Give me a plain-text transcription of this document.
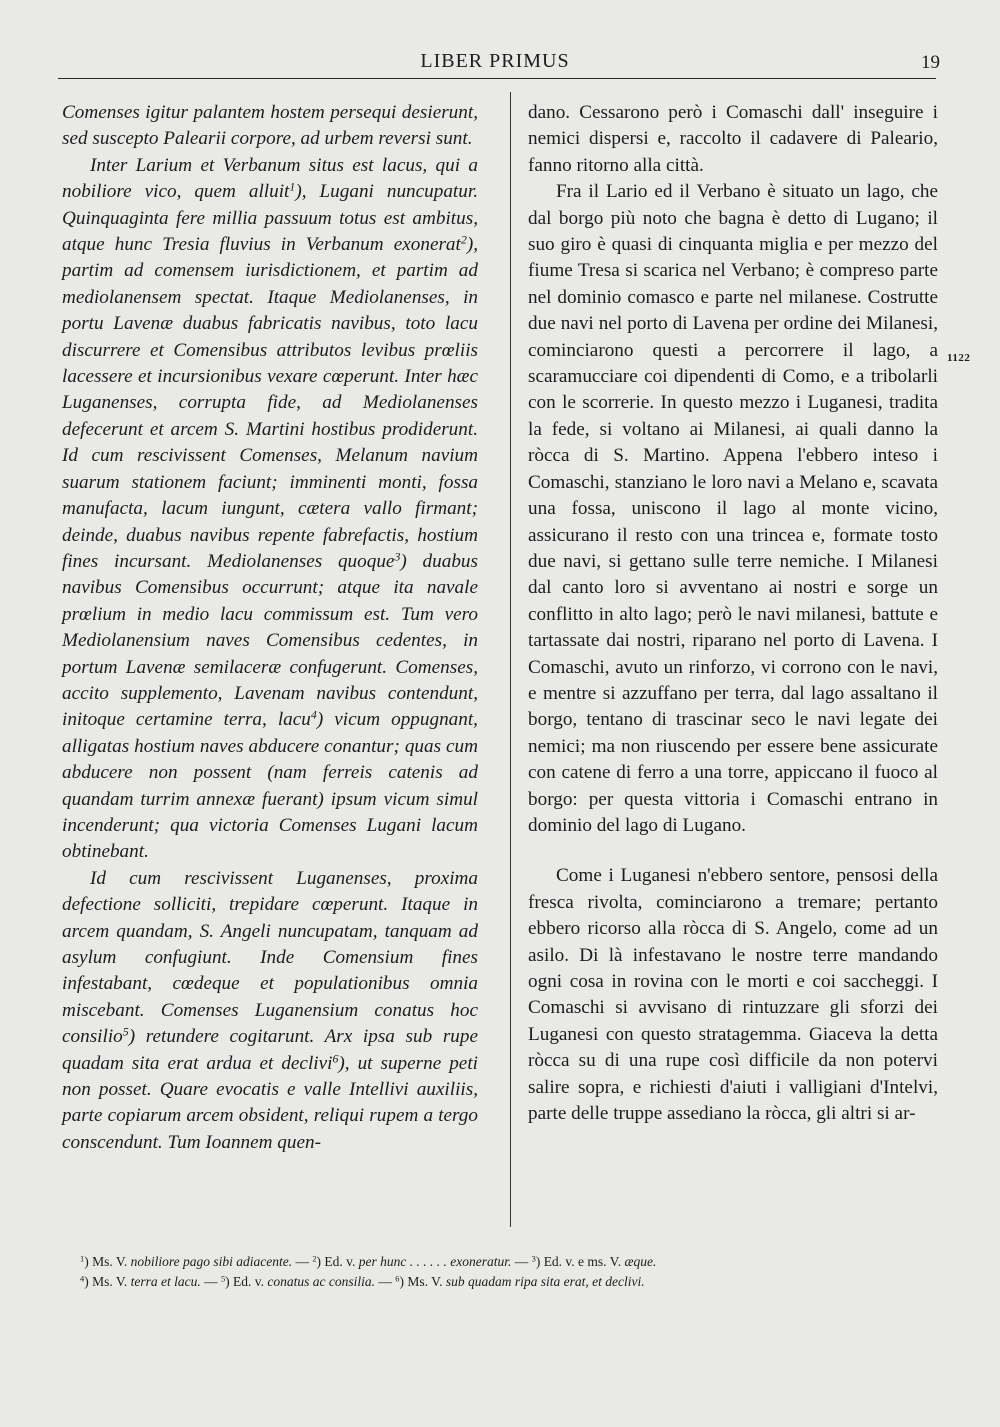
LIBER PRIMUS	19

Comenses igitur palantem hostem persequi desierunt, sed suscepto Palearii corpore, ad urbem reversi sunt.

Inter Larium et Verbanum situs est lacus, qui a nobiliore vico, quem alluit$^1$), Lugani nuncupatur. Quinquaginta fere millia passuum totus est ambitus, atque hunc Tresia fluvius in Verbanum exonerat$^2$), partim ad comensem iurisdictionem, et partim ad mediolanensem spectat. Itaque Mediolanenses, in portu Lavenæ duabus fabricatis navibus, toto lacu discurrere et Comensibus attributos levibus prœliis lacessere et incursionibus vexare cœperunt. Inter hæc Luganenses, corrupta fide, ad Mediolanenses defecerunt et arcem S. Martini hostibus prodiderunt. Id cum rescivissent Comenses, Melanum navium suarum stationem faciunt; imminenti monti, fossa manufacta, lacum iungunt, cætera vallo firmant; deinde, duabus navibus repente fabrefactis, hostium fines incursant. Mediolanenses quoque$^3$) duabus navibus Comensibus occurrunt; atque ita navale prœlium in medio lacu commissum est. Tum vero Mediolanensium naves Comensibus cedentes, in portum Lavenæ semilaceræ confugerunt. Comenses, accito supplemento, Lavenam navibus contendunt, initoque certamine terra, lacu$^4$) vicum oppugnant, alligatas hostium naves abducere conantur; quas cum abducere non possent (nam ferreis catenis ad quandam turrim annexæ fuerant) ipsum vicum simul incenderunt; qua victoria Comenses Lugani lacum obtinebant.

Id cum rescivissent Luganenses, proxima defectione solliciti, trepidare cœperunt. Itaque in arcem quandam, S. Angeli nuncupatam, tanquam ad asylum confugiunt. Inde Comensium fines infestabant, cœdeque et populationibus omnia miscebant. Comenses Luganensium conatus hoc consilio$^5$) retundere cogitarunt. Arx ipsa sub rupe quadam sita erat ardua et declivi$^6$), ut superne peti non posset. Quare evocatis e valle Intellivi auxiliis, parte copiarum arcem obsident, reliqui rupem a tergo conscendunt. Tum Ioannem quen-

dano. Cessarono però i Comaschi dall' inseguire i nemici dispersi e, raccolto il cadavere di Paleario, fanno ritorno alla città.

Fra il Lario ed il Verbano è situato un lago, che dal borgo più noto che bagna è detto di Lugano; il suo giro è quasi di cinquanta miglia e per mezzo del fiume Tresa si scarica nel Verbano; è compreso parte nel dominio comasco e parte nel milanese. Costrutte due navi nel porto di Lavena per ordine dei Milanesi, cominciarono questi a percorrere il lago, a scaramucciare coi dipendenti di Como, e a tribolarli con le scorrerie. In questo mezzo i Luganesi, tradita la fede, si voltano ai Milanesi, ai quali danno la ròcca di S. Martino. Appena l'ebbero inteso i Comaschi, stanziano le loro navi a Melano e, scavata una fossa, uniscono il lago al monte vicino, assicurano il resto con una trincea e, formate tosto due navi, si gettano sulle terre nemiche. I Milanesi dal canto loro si avventano ai nostri e sorge un conflitto in alto lago; però le navi milanesi, battute e tartassate dai nostri, riparano nel porto di Lavena. I Comaschi, avuto un rinforzo, vi corrono con le navi, e mentre si azzuffano per terra, dal lago assaltano il borgo, tentano di trascinar seco le navi legate dei nemici; ma non riuscendo per essere bene assicurate con catene di ferro a una torre, appiccano il fuoco al borgo: per questa vittoria i Comaschi entrano in dominio del lago di Lugano.

Come i Luganesi n'ebbero sentore, pensosi della fresca rivolta, cominciarono a tremare; pertanto ebbero ricorso alla ròcca di S. Angelo, come ad un asilo. Di là infestavano le nostre terre mandando ogni cosa in rovina con le morti e coi saccheggi. I Comaschi si avvisano di rintuzzare gli sforzi dei Luganesi con questo stratagemma. Giaceva la detta ròcca su di una rupe così difficile da non potervi salire sopra, e richiesti d'aiuti i valligiani d'Intelvi, parte delle truppe assediano la ròcca, gli altri si ar-

1122
$^1$) Ms. V. nobiliore pago sibi adiacente. — $^2$) Ed. v. per hunc . . . . . . exoneratur. — $^3$) Ed. v. e ms. V. æque.
$^4$) Ms. V. terra et lacu. — $^5$) Ed. v. conatus ac consilia. — $^6$) Ms. V. sub quadam ripa sita erat, et declivi.
